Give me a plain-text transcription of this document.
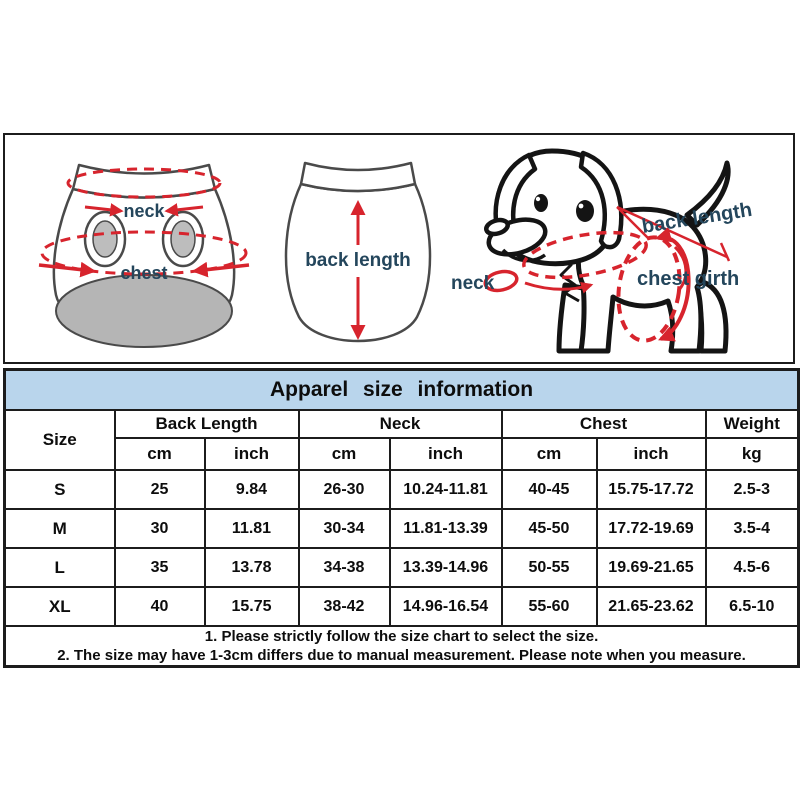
neck
chest
back length
back length
neck	chest girth
Apparel size information							
Size	Back Length		Neck		Chest		Weight
	cm	inch	cm	inch	cm	inch	kg
S	25	9.84	26-30	10.24-11.81	40-45	15.75-17.72	2.5-3
M	30	11.81	30-34	11.81-13.39	45-50	17.72-19.69	3.5-4
L	35	13.78	34-38	13.39-14.96	50-55	19.69-21.65	4.5-6
XL	40	15.75	38-42	14.96-16.54	55-60	21.65-23.62	6.5-10

1. Please strictly follow the size chart to select the size.
2. The size may have 1-3cm differs due to manual measurement. Please note when you measure.							
